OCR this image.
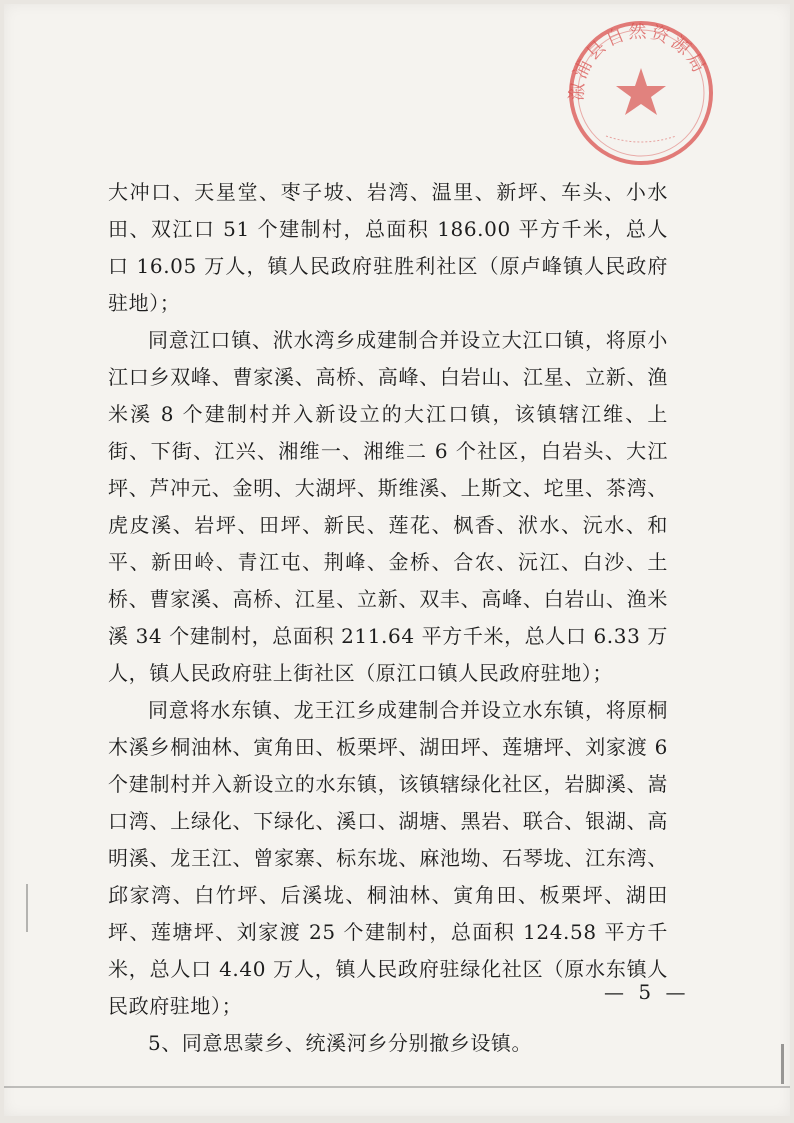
溆浦县自然资源局

大冲口、天星堂、枣子坡、岩湾、温里、新坪、车头、小水田、双江口 51 个建制村，总面积 186.00 平方千米，总人口 16.05 万人，镇人民政府驻胜利社区（原卢峰镇人民政府驻地）；

同意江口镇、洑水湾乡成建制合并设立大江口镇，将原小江口乡双峰、曹家溪、高桥、高峰、白岩山、江星、立新、渔米溪 8 个建制村并入新设立的大江口镇，该镇辖江维、上街、下街、江兴、湘维一、湘维二 6 个社区，白岩头、大江坪、芦冲元、金明、大湖坪、斯维溪、上斯文、坨里、茶湾、虎皮溪、岩坪、田坪、新民、莲花、枫香、洑水、沅水、和平、新田岭、青江屯、荆峰、金桥、合农、沅江、白沙、土桥、曹家溪、高桥、江星、立新、双丰、高峰、白岩山、渔米溪 34 个建制村，总面积 211.64 平方千米，总人口 6.33 万人，镇人民政府驻上街社区（原江口镇人民政府驻地）；

同意将水东镇、龙王江乡成建制合并设立水东镇，将原桐木溪乡桐油林、寅角田、板栗坪、湖田坪、莲塘坪、刘家渡 6 个建制村并入新设立的水东镇，该镇辖绿化社区，岩脚溪、嵩口湾、上绿化、下绿化、溪口、湖塘、黑岩、联合、银湖、高明溪、龙王江、曾家寨、标东垅、麻池坳、石琴垅、江东湾、邱家湾、白竹坪、后溪垅、桐油林、寅角田、板栗坪、湖田坪、莲塘坪、刘家渡 25 个建制村，总面积 124.58 平方千米，总人口 4.40 万人，镇人民政府驻绿化社区（原水东镇人民政府驻地）；

5、同意思蒙乡、统溪河乡分别撤乡设镇。

— 5 —
